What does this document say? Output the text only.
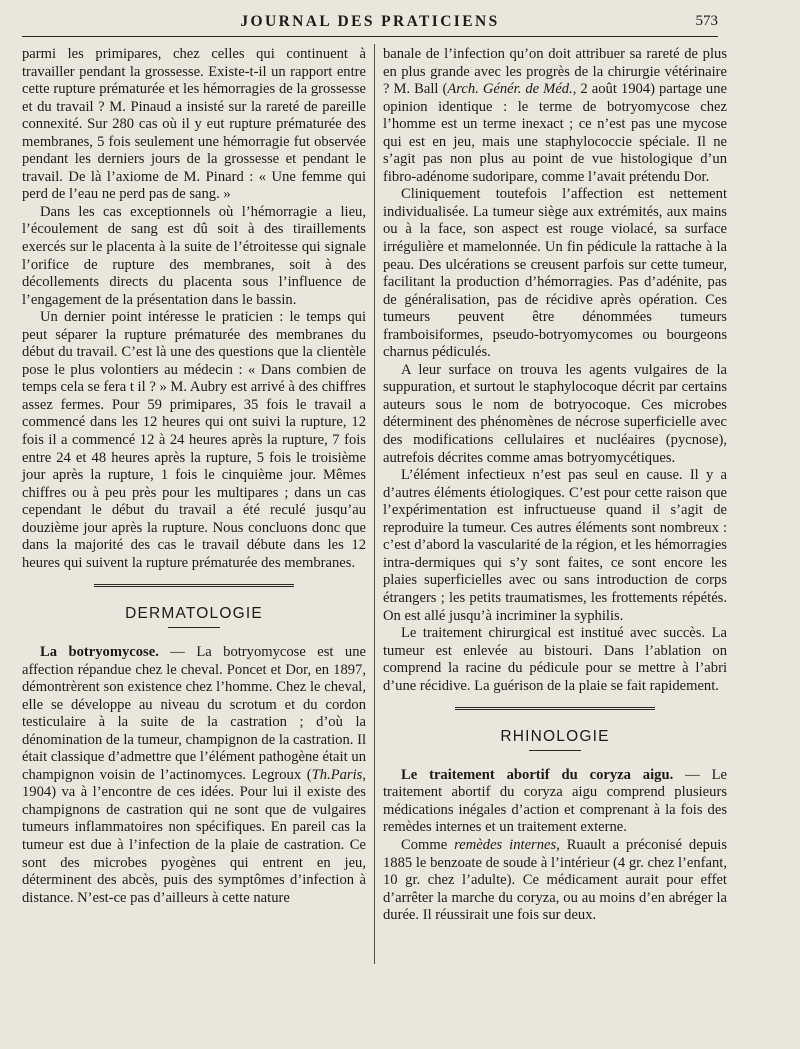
JOURNAL DES PRATICIENS	573

parmi les primipares, chez celles qui continuent à travailler pendant la grossesse. Existe-t-il un rapport entre cette rupture prématurée et les hémorragies de la grossesse et du travail ? M. Pinaud a insisté sur la rareté de pareille connexité. Sur 280 cas où il y eut rupture prématurée des membranes, 5 fois seulement une hémorragie fut observée pendant les derniers jours de la grossesse et pendant le travail. De là l’axiome de M. Pinard : « Une femme qui perd de l’eau ne perd pas de sang. »

Dans les cas exceptionnels où l’hémorragie a lieu, l’écoulement de sang est dû soit à des tiraillements exercés sur le placenta à la suite de l’étroitesse qui signale l’orifice de rupture des membranes, soit à des décollements directs du placenta sous l’influence de l’engagement de la présentation dans le bassin.

Un dernier point intéresse le praticien : le temps qui peut séparer la rupture prématurée des membranes du début du travail. C’est là une des questions que la clientèle pose le plus volontiers au médecin : « Dans combien de temps cela se fera t il ? » M. Aubry est arrivé à des chiffres assez fermes. Pour 59 primipares, 35 fois le travail a commencé dans les 12 heures qui ont suivi la rupture, 12 fois il a commencé 12 à 24 heures après la rupture, 7 fois entre 24 et 48 heures après la rupture, 5 fois le troisième jour après la rupture, 1 fois le cinquième jour. Mêmes chiffres ou à peu près pour les multipares ; dans un cas cependant le début du travail a été reculé jusqu’au douzième jour après la rupture. Nous concluons donc que dans la majorité des cas le travail débute dans les 12 heures qui suivent la rupture prématurée des membranes.

DERMATOLOGIE

La botryomycose. — La botryomycose est une affection répandue chez le cheval. Poncet et Dor, en 1897, démontrèrent son existence chez l’homme. Chez le cheval, elle se développe au niveau du scrotum et du cordon testiculaire à la suite de la castration ; d’où la dénomination de la tumeur, champignon de la castration. Il était classique d’admettre que l’élément pathogène était un champignon voisin de l’actinomyces. Legroux (Th.Paris, 1904) va à l’encontre de ces idées. Pour lui il existe des champignons de castration qui ne sont que de vulgaires tumeurs inflammatoires non spécifiques. En pareil cas la tumeur est due à l’infection de la plaie de castration. Ce sont des microbes pyogènes qui entrent en jeu, déterminent des abcès, puis des symptômes d’infection à distance. N’est-ce pas d’ailleurs à cette nature

banale de l’infection qu’on doit attribuer sa rareté de plus en plus grande avec les progrès de la chirurgie vétérinaire ? M. Ball (Arch. Génér. de Méd., 2 août 1904) partage une opinion identique : le terme de botryomycose chez l’homme est un terme inexact ; ce n’est pas une mycose qui est en jeu, mais une staphylococcie spéciale. Il ne s’agit pas non plus au point de vue histologique d’un fibro-adénome sudoripare, comme l’avait prétendu Dor.

Cliniquement toutefois l’affection est nettement individualisée. La tumeur siège aux extrémités, aux mains ou à la face, son aspect est rouge violacé, sa surface irrégulière et mamelonnée. Un fin pédicule la rattache à la peau. Des ulcérations se creusent parfois sur cette tumeur, facilitant la production d’hémorragies. Pas d’adénite, pas de généralisation, pas de récidive après opération. Ces tumeurs peuvent être dénommées tumeurs framboisiformes, pseudo-botryomycomes ou bourgeons charnus pédiculés.

A leur surface on trouva les agents vulgaires de la suppuration, et surtout le staphylocoque décrit par certains auteurs sous le nom de botryocoque. Ces microbes déterminent des phénomènes de nécrose superficielle avec des modifications cellulaires et nucléaires (pycnose), autrefois décrites comme amas botryomycétiques.

L’élément infectieux n’est pas seul en cause. Il y a d’autres éléments étiologiques. C’est pour cette raison que l’expérimentation est infructueuse quand il s’agit de reproduire la tumeur. Ces autres éléments sont nombreux : c’est d’abord la vascularité de la région, et les hémorragies intra-dermiques qui s’y sont faites, ce sont encore les plaies superficielles avec ou sans introduction de corps étrangers ; les petits traumatismes, les frottements répétés. On est allé jusqu’à incriminer la syphilis.

Le traitement chirurgical est institué avec succès. La tumeur est enlevée au bistouri. Dans l’ablation on comprend la racine du pédicule pour se mettre à l’abri d’une récidive. La guérison de la plaie se fait rapidement.

RHINOLOGIE

Le traitement abortif du coryza aigu. — Le traitement abortif du coryza aigu comprend plusieurs médications inégales d’action et comprenant à la fois des remèdes internes et un traitement externe.

Comme remèdes internes, Ruault a préconisé depuis 1885 le benzoate de soude à l’intérieur (4 gr. chez l’enfant, 10 gr. chez l’adulte). Ce médicament aurait pour effet d’arrêter la marche du coryza, ou au moins d’en abréger la durée. Il réussirait une fois sur deux.
